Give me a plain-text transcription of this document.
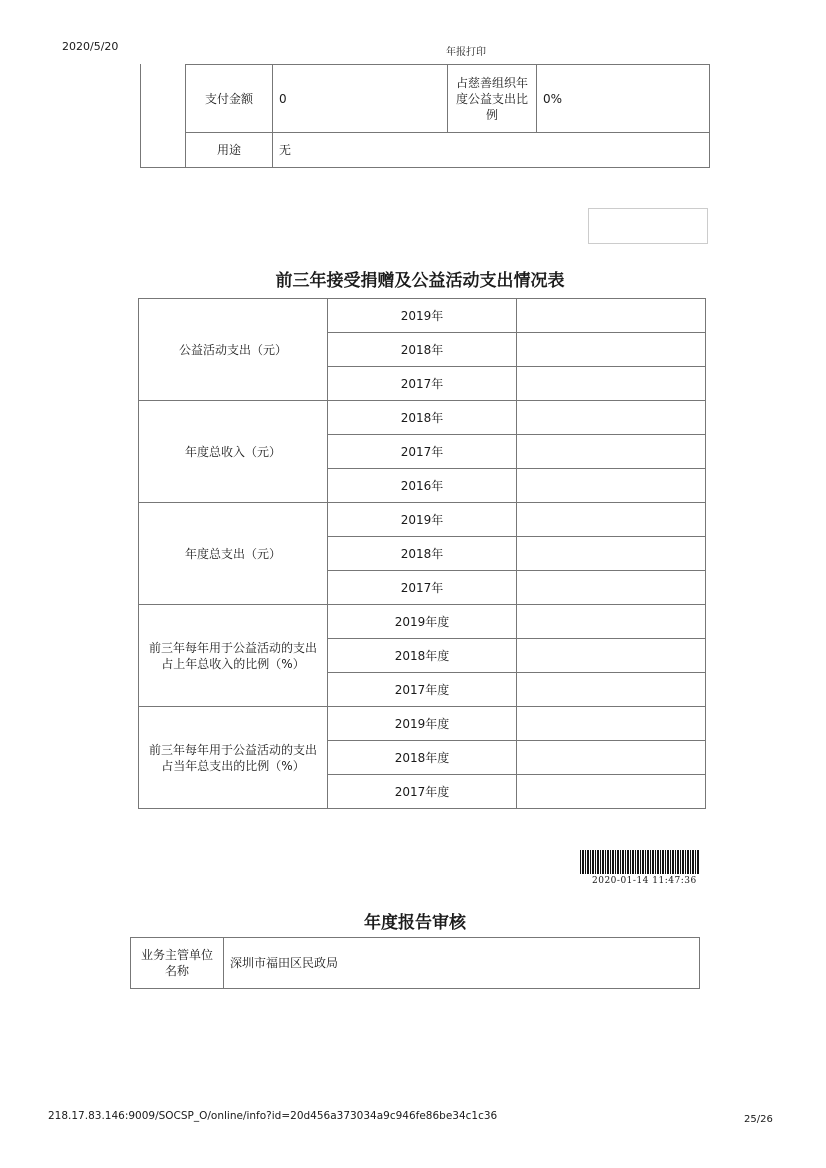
2020/5/20	年报打印
支付金额	0	占慈善组织年度公益支出比例	0%
用途	无		
前三年接受捐赠及公益活动支出情况表
公益活动支出（元）	2019年	
	2018年	
	2017年	
年度总收入（元）	2018年	
	2017年	
	2016年	
年度总支出（元）	2019年	
	2018年	
	2017年	
前三年每年用于公益活动的支出占上年总收入的比例（%）	2019年度	
	2018年度	
	2017年度	
前三年每年用于公益活动的支出占当年总支出的比例（%）	2019年度	
	2018年度	
	2017年度	
2020-01-14 11:47:36
年度报告审核
业务主管单位名称	深圳市福田区民政局
218.17.83.146:9009/SOCSP_O/online/info?id=20d456a373034a9c946fe86be34c1c36	25/26
